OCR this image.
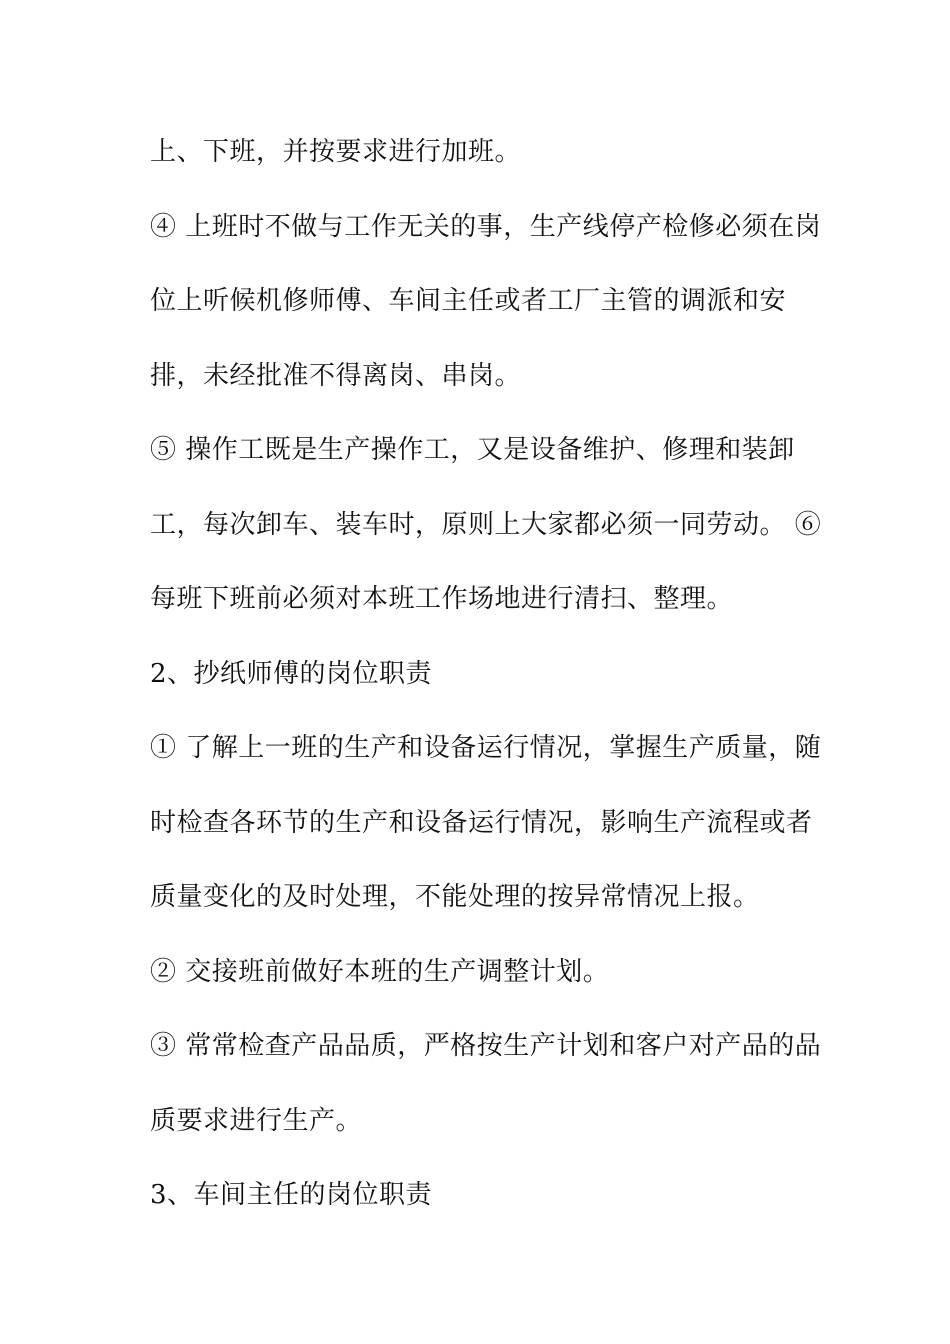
上、下班，并按要求进行加班。
④ 上班时不做与工作无关的事，生产线停产检修必须在岗
位上听候机修师傅、车间主任或者工厂主管的调派和安
排，未经批准不得离岗、串岗。
⑤ 操作工既是生产操作工，又是设备维护、修理和装卸
工，每次卸车、装车时，原则上大家都必须一同劳动。 ⑥
每班下班前必须对本班工作场地进行清扫、整理。
2、抄纸师傅的岗位职责
① 了解上一班的生产和设备运行情况，掌握生产质量，随
时检查各环节的生产和设备运行情况，影响生产流程或者
质量变化的及时处理，不能处理的按异常情况上报。
② 交接班前做好本班的生产调整计划。
③ 常常检查产品品质，严格按生产计划和客户对产品的品
质要求进行生产。
3、车间主任的岗位职责
